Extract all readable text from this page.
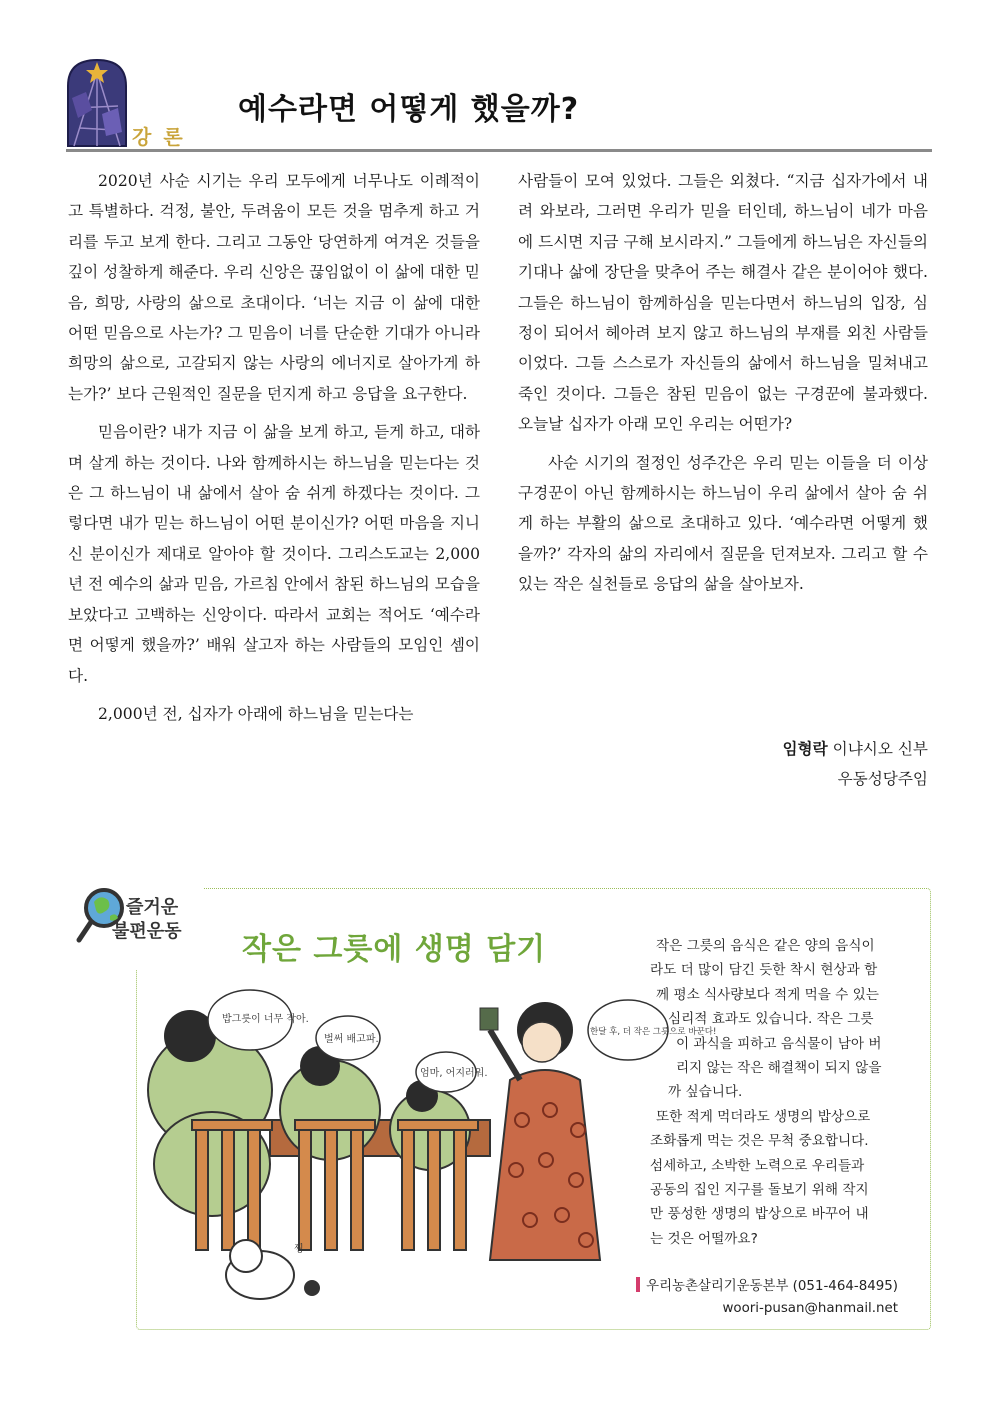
강론
예수라면 어떻게 했을까?

2020년 사순 시기는 우리 모두에게 너무나도 이례적이고 특별하다. 걱정, 불안, 두려움이 모든 것을 멈추게 하고 거리를 두고 보게 한다. 그리고 그동안 당연하게 여겨온 것들을 깊이 성찰하게 해준다. 우리 신앙은 끊임없이 이 삶에 대한 믿음, 희망, 사랑의 삶으로 초대이다. ‘너는 지금 이 삶에 대한 어떤 믿음으로 사는가? 그 믿음이 너를 단순한 기대가 아니라 희망의 삶으로, 고갈되지 않는 사랑의 에너지로 살아가게 하는가?’ 보다 근원적인 질문을 던지게 하고 응답을 요구한다.

믿음이란? 내가 지금 이 삶을 보게 하고, 듣게 하고, 대하며 살게 하는 것이다. 나와 함께하시는 하느님을 믿는다는 것은 그 하느님이 내 삶에서 살아 숨 쉬게 하겠다는 것이다. 그렇다면 내가 믿는 하느님이 어떤 분이신가? 어떤 마음을 지니신 분이신가 제대로 알아야 할 것이다. 그리스도교는 2,000년 전 예수의 삶과 믿음, 가르침 안에서 참된 하느님의 모습을 보았다고 고백하는 신앙이다. 따라서 교회는 적어도 ‘예수라면 어떻게 했을까?’ 배워 살고자 하는 사람들의 모임인 셈이다.

2,000년 전, 십자가 아래에 하느님을 믿는다는

사람들이 모여 있었다. 그들은 외쳤다. “지금 십자가에서 내려 와보라, 그러면 우리가 믿을 터인데, 하느님이 네가 마음에 드시면 지금 구해 보시라지.” 그들에게 하느님은 자신들의 기대나 삶에 장단을 맞추어 주는 해결사 같은 분이어야 했다. 그들은 하느님이 함께하심을 믿는다면서 하느님의 입장, 심정이 되어서 헤아려 보지 않고 하느님의 부재를 외친 사람들이었다. 그들 스스로가 자신들의 삶에서 하느님을 밀쳐내고 죽인 것이다. 그들은 참된 믿음이 없는 구경꾼에 불과했다. 오늘날 십자가 아래 모인 우리는 어떤가?

사순 시기의 절정인 성주간은 우리 믿는 이들을 더 이상 구경꾼이 아닌 함께하시는 하느님이 우리 삶에서 살아 숨 쉬게 하는 부활의 삶으로 초대하고 있다. ‘예수라면 어떻게 했을까?’ 각자의 삶의 자리에서 질문을 던져보자. 그리고 할 수 있는 작은 실천들로 응답의 삶을 살아보자.

임형락 이냐시오 신부
우동성당주임
즐거운
불편운동
작은 그릇에 생명 담기
밥그릇이 너무 작아.
벌써 배고파.
엄마, 어지러워.
한달 후, 더 작은 그릇으로 바꾼다!
찡
작은 그릇의 음식은 같은 양의 음식이
라도 더 많이 담긴 듯한 착시 현상과 함
께 평소 식사량보다 적게 먹을 수 있는
심리적 효과도 있습니다. 작은 그릇
이 과식을 피하고 음식물이 남아 버
리지 않는 작은 해결책이 되지 않을
까 싶습니다.
또한 적게 먹더라도 생명의 밥상으로
조화롭게 먹는 것은 무척 중요합니다.
섬세하고, 소박한 노력으로 우리들과
공동의 집인 지구를 돌보기 위해 작지
만 풍성한 생명의 밥상으로 바꾸어 내
는 것은 어떨까요?
우리농촌살리기운동본부 (051-464-8495)
woori-pusan@hanmail.net
